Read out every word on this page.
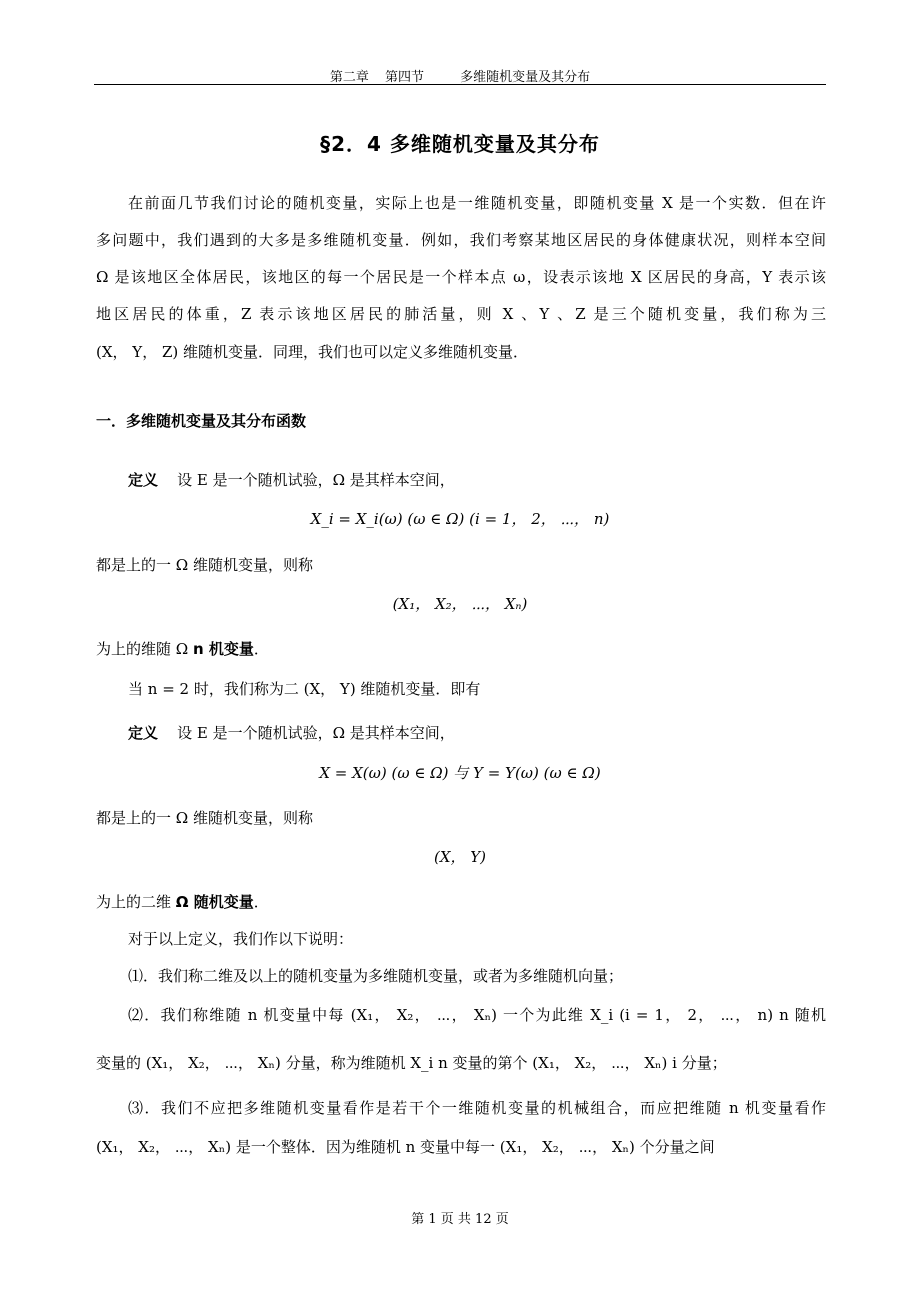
第二章 第四节	多维随机变量及其分布
§2．4 多维随机变量及其分布
在前面几节我们讨论的随机变量，实际上也是一维随机变量，即随机变量 X 是一个实数．但在许
多问题中，我们遇到的大多是多维随机变量．例如，我们考察某地区居民的身体健康状况，则样本空间
Ω 是该地区全体居民，该地区的每一个居民是一个样本点 ω，设表示该地 X 区居民的身高，Y 表示该
地区居民的体重，Z 表示该地区居民的肺活量，则 X 、Y 、Z 是三个随机变量，我们称为三
(X， Y， Z) 维随机变量．同理，我们也可以定义多维随机变量．
一．多维随机变量及其分布函数
定义 设 E 是一个随机试验，Ω 是其样本空间，
X_i = X_i(ω) (ω ∈ Ω) (i = 1， 2， ⋯， n)
都是上的一 Ω 维随机变量，则称
(X₁， X₂， ⋯， Xₙ)
为上的维随 Ω n 机变量．
当 n = 2 时，我们称为二 (X， Y) 维随机变量．即有
定义 设 E 是一个随机试验，Ω 是其样本空间，
X = X(ω) (ω ∈ Ω) 与 Y = Y(ω) (ω ∈ Ω)
都是上的一 Ω 维随机变量，则称
(X， Y)
为上的二维 Ω 随机变量．
对于以上定义，我们作以下说明：
⑴．我们称二维及以上的随机变量为多维随机变量，或者为多维随机向量；
⑵．我们称维随 n 机变量中每 (X₁， X₂， ⋯， Xₙ) 一个为此维 X_i (i = 1， 2， ⋯， n) n 随机
变量的 (X₁， X₂， ⋯， Xₙ) 分量，称为维随机 X_i n 变量的第个 (X₁， X₂， ⋯， Xₙ) i 分量；
⑶．我们不应把多维随机变量看作是若干个一维随机变量的机械组合，而应把维随 n 机变量看作
(X₁， X₂， ⋯， Xₙ) 是一个整体．因为维随机 n 变量中每一 (X₁， X₂， ⋯， Xₙ) 个分量之间
第 1 页 共 12 页
